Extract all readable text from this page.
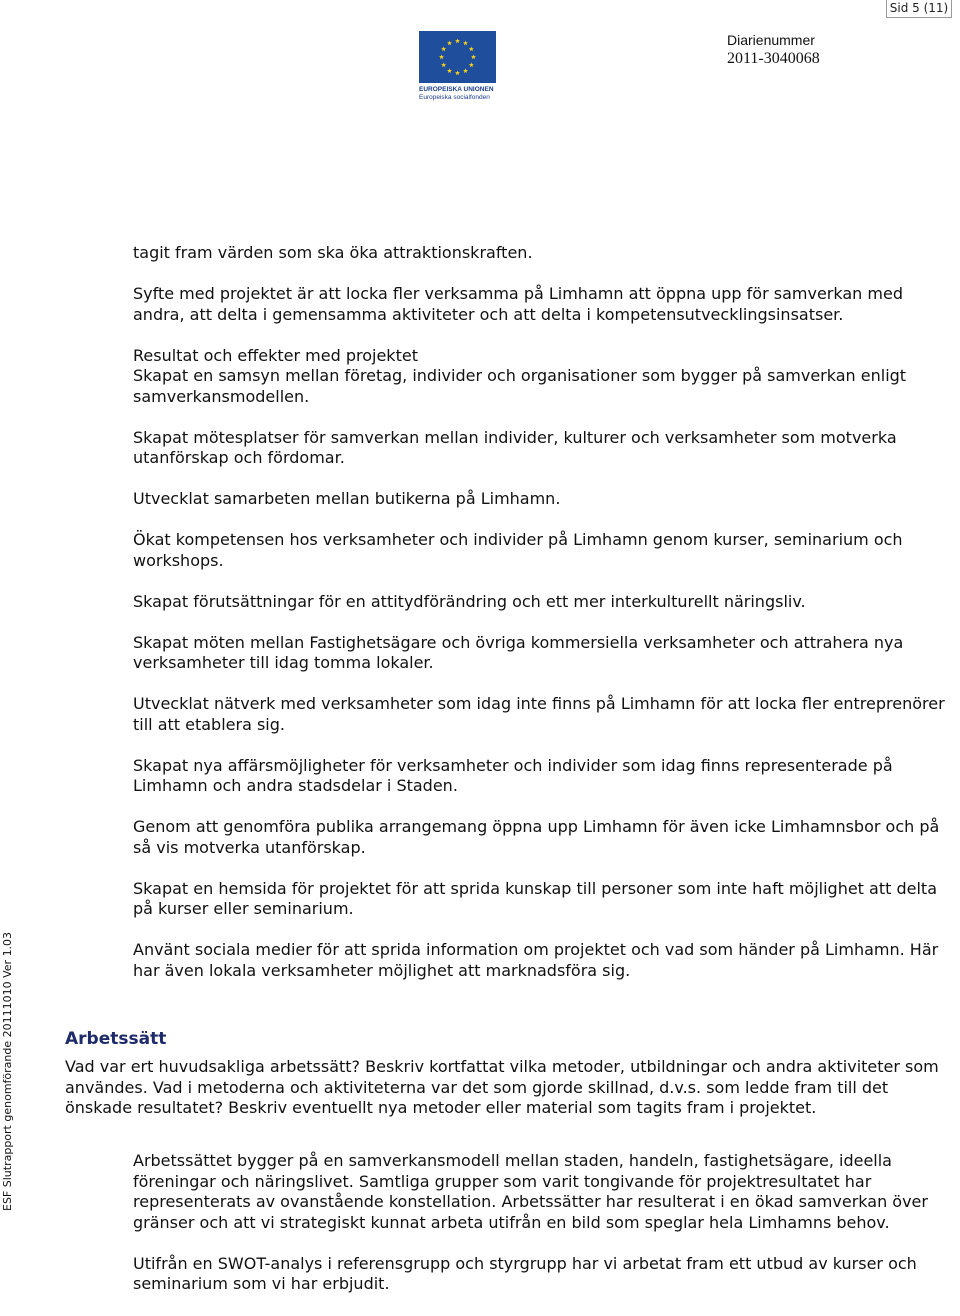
Sid 5 (11)
EUROPEISKA UNIONEN
Europeiska socialfonden
Diarienummer
2011-3040068
ESF Slutrapport genomförande 20111010 Ver 1.03

tagit fram värden som ska öka attraktionskraften.

Syfte med projektet är att locka fler verksamma på Limhamn att öppna upp för samverkan med andra, att delta i gemensamma aktiviteter och att delta i kompetensutvecklingsinsatser.

Resultat och effekter med projektet
Skapat en samsyn mellan företag, individer och organisationer som bygger på samverkan enligt samverkansmodellen.

Skapat mötesplatser för samverkan mellan individer, kulturer och verksamheter som motverka utanförskap och fördomar.

Utvecklat samarbeten mellan butikerna på Limhamn.

Ökat kompetensen hos verksamheter och individer på Limhamn genom kurser, seminarium och workshops.

Skapat förutsättningar för en attitydförändring och ett mer interkulturellt näringsliv.

Skapat möten mellan Fastighetsägare och övriga kommersiella verksamheter och attrahera nya verksamheter till idag tomma lokaler.

Utvecklat nätverk med verksamheter som idag inte finns på Limhamn för att locka fler entreprenörer till att etablera sig.

Skapat nya affärsmöjligheter för verksamheter och individer som idag finns representerade på Limhamn och andra stadsdelar i Staden.

Genom att genomföra publika arrangemang öppna upp Limhamn för även icke Limhamnsbor och på så vis motverka utanförskap.

Skapat en hemsida för projektet för att sprida kunskap till personer som inte haft möjlighet att delta på kurser eller seminarium.

Använt sociala medier för att sprida information om projektet och vad som händer på Limhamn. Här har även lokala verksamheter möjlighet att marknadsföra sig.

Arbetssätt

Vad var ert huvudsakliga arbetssätt? Beskriv kortfattat vilka metoder, utbildningar och andra aktiviteter som användes. Vad i metoderna och aktiviteterna var det som gjorde skillnad, d.v.s. som ledde fram till det önskade resultatet? Beskriv eventuellt nya metoder eller material som tagits fram i projektet.

Arbetssättet bygger på en samverkansmodell mellan staden, handeln, fastighetsägare, ideella föreningar och näringslivet. Samtliga grupper som varit tongivande för projektresultatet har representerats av ovanstående konstellation. Arbetssätter har resulterat i en ökad samverkan över gränser och att vi strategiskt kunnat arbeta utifrån en bild som speglar hela Limhamns behov.

Utifrån en SWOT-analys i referensgrupp och styrgrupp har vi arbetat fram ett utbud av kurser och seminarium som vi har erbjudit.
